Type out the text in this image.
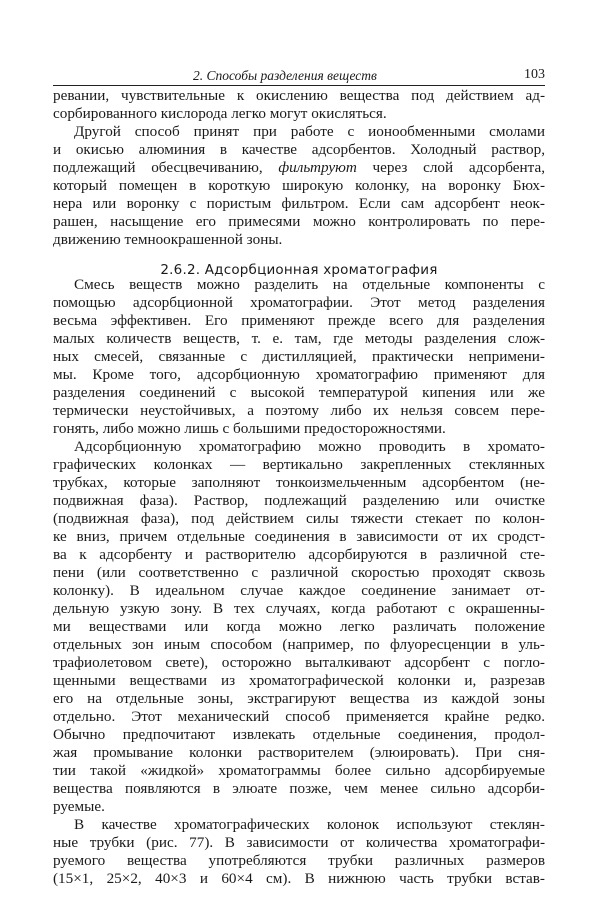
2. Способы разделения веществ	103
2.6.2. Адсорбционная хроматография
ревании, чувствительные к окислению вещества под действием ад-
сорбированного кислорода легко могут окисляться.
Другой способ принят при работе с ионообменными смолами
и окисью алюминия в качестве адсорбентов. Холодный раствор,
подлежащий обесцвечиванию, фильтруют через слой адсорбента,
который помещен в короткую широкую колонку, на воронку Бюх-
нера или воронку с пористым фильтром. Если сам адсорбент неок-
рашен, насыщение его примесями можно контролировать по пере-
движению темноокрашенной зоны.
Смесь веществ можно разделить на отдельные компоненты с
помощью адсорбционной хроматографии. Этот метод разделения
весьма эффективен. Его применяют прежде всего для разделения
малых количеств веществ, т. е. там, где методы разделения слож-
ных смесей, связанные с дистилляцией, практически непримени-
мы. Кроме того, адсорбционную хроматографию применяют для
разделения соединений с высокой температурой кипения или же
термически неустойчивых, а поэтому либо их нельзя совсем пере-
гонять, либо можно лишь с большими предосторожностями.
Адсорбционную хроматографию можно проводить в хромато-
графических колонках — вертикально закрепленных стеклянных
трубках, которые заполняют тонкоизмельченным адсорбентом (не-
подвижная фаза). Раствор, подлежащий разделению или очистке
(подвижная фаза), под действием силы тяжести стекает по колон-
ке вниз, причем отдельные соединения в зависимости от их сродст-
ва к адсорбенту и растворителю адсорбируются в различной сте-
пени (или соответственно с различной скоростью проходят сквозь
колонку). В идеальном случае каждое соединение занимает от-
дельную узкую зону. В тех случаях, когда работают с окрашенны-
ми веществами или когда можно легко различать положение
отдельных зон иным способом (например, по флуоресценции в уль-
трафиолетовом свете), осторожно выталкивают адсорбент с погло-
щенными веществами из хроматографической колонки и, разрезав
его на отдельные зоны, экстрагируют вещества из каждой зоны
отдельно. Этот механический способ применяется крайне редко.
Обычно предпочитают извлекать отдельные соединения, продол-
жая промывание колонки растворителем (элюировать). При сня-
тии такой «жидкой» хроматограммы более сильно адсорбируемые
вещества появляются в элюате позже, чем менее сильно адсорби-
руемые.
В качестве хроматографических колонок используют стеклян-
ные трубки (рис. 77). В зависимости от количества хроматографи-
руемого вещества употребляются трубки различных размеров
(15×1, 25×2, 40×3 и 60×4 см). В нижнюю часть трубки встав-
